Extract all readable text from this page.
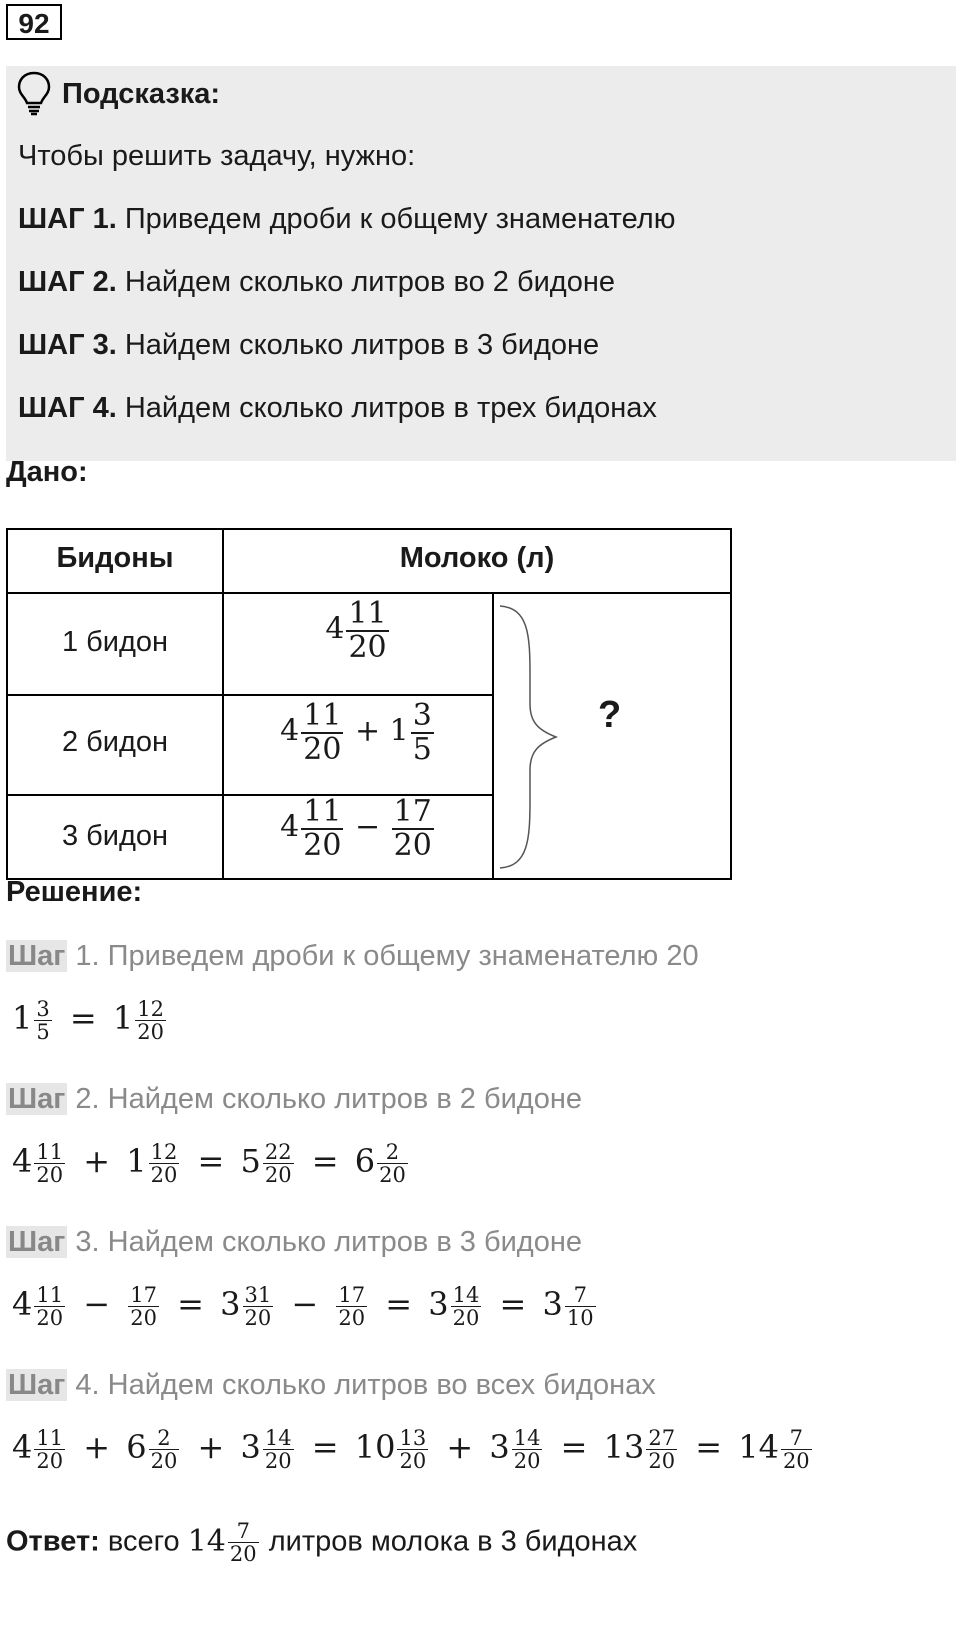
92
Подсказка:
Чтобы решить задачу, нужно:
ШАГ 1. Приведем дроби к общему знаменателю
ШАГ 2. Найдем сколько литров во 2 бидоне
ШАГ 3. Найдем сколько литров в 3 бидоне
ШАГ 4. Найдем сколько литров в трех бидонах
Дано:
Бидоны	Молоко (л)
1 бидон	$4 \frac{11}{20}$
2 бидон	$4 \frac{11}{20} + 1 \frac{3}{5}$
3 бидон	$4 \frac{11}{20} - \frac{17}{20}$
?
Решение:
Шаг 1. Приведем дроби к общему знаменателю 20
$1 \frac{3}{5} = 1 \frac{12}{20}$
Шаг 2. Найдем сколько литров в 2 бидоне
$4 \frac{11}{20} + 1 \frac{12}{20} = 5 \frac{22}{20} = 6 \frac{2}{20}$
Шаг 3. Найдем сколько литров в 3 бидоне
$4 \frac{11}{20} - \frac{17}{20} = 3 \frac{31}{20} - \frac{17}{20} = 3 \frac{14}{20} = 3 \frac{7}{10}$
Шаг 4. Найдем сколько литров во всех бидонах
$4 \frac{11}{20} + 6 \frac{2}{20} + 3 \frac{14}{20} = 10 \frac{13}{20} + 3 \frac{14}{20} = 13 \frac{27}{20} = 14 \frac{7}{20}$
Ответ: всего $14 \frac{7}{20}$ литров молока в 3 бидонах
